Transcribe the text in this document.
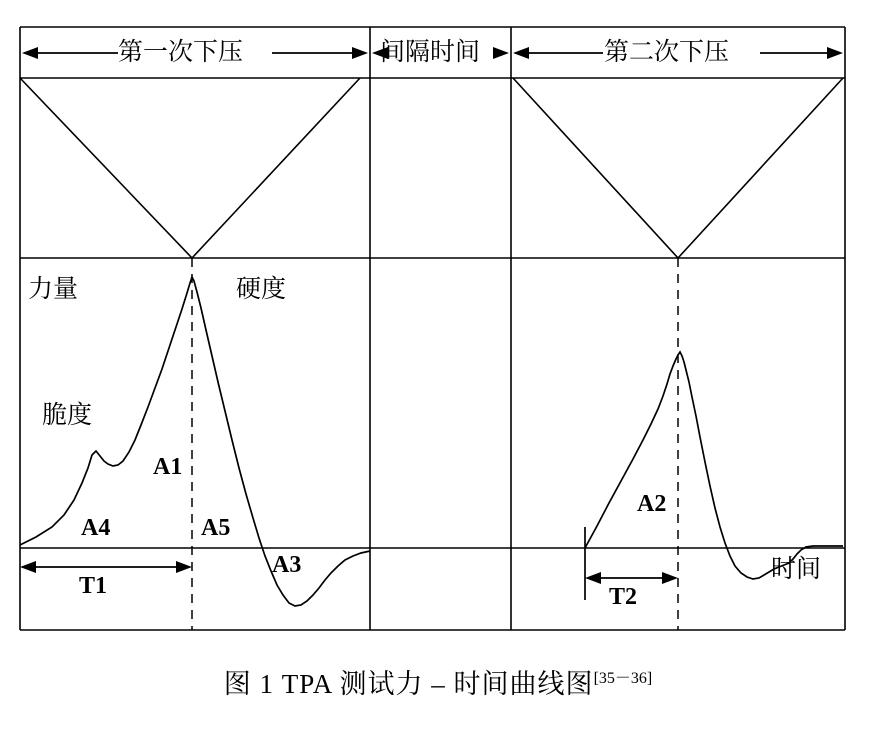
第一次下压	间隔时间	第二次下压
力量
时间
硬度
脆度
A1
A2
A3
A4	A5
T1	T2
图 1 TPA 测试力 – 时间曲线图[35－36]
